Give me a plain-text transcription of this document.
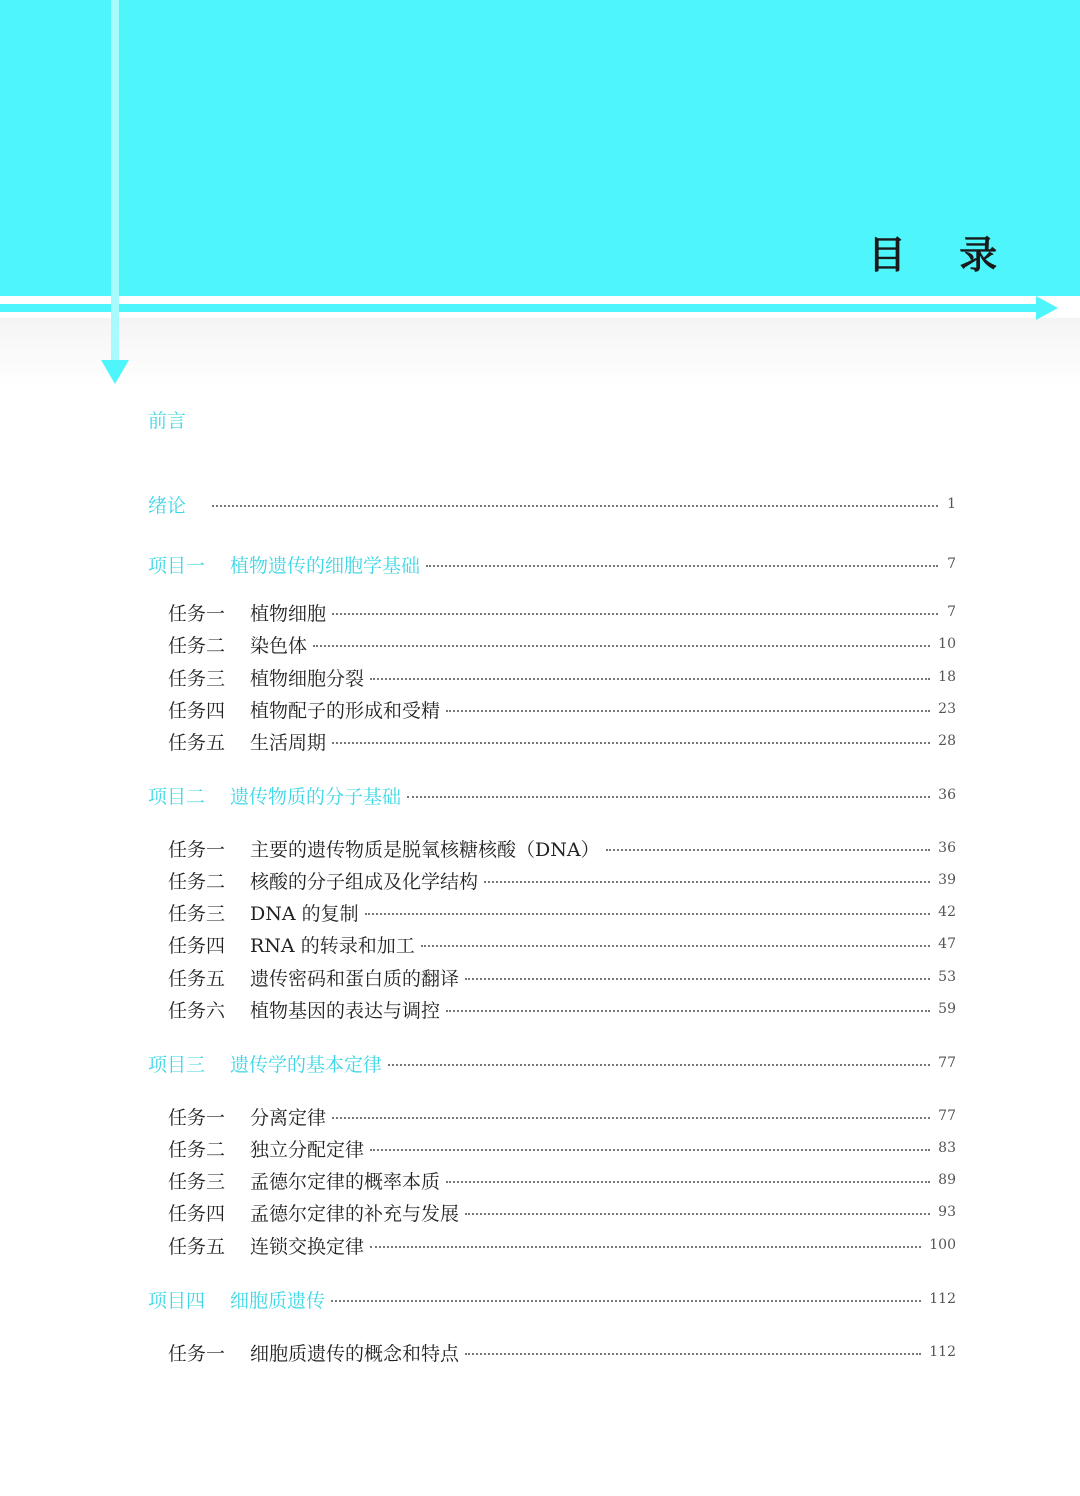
目 录
前言
绪论	1
项目一	植物遗传的细胞学基础	7
任务一	植物细胞	7
任务二	染色体	10
任务三	植物细胞分裂	18
任务四	植物配子的形成和受精	23
任务五	生活周期	28
项目二	遗传物质的分子基础	36
任务一	主要的遗传物质是脱氧核糖核酸（DNA）	36
任务二	核酸的分子组成及化学结构	39
任务三	DNA 的复制	42
任务四	RNA 的转录和加工	47
任务五	遗传密码和蛋白质的翻译	53
任务六	植物基因的表达与调控	59
项目三	遗传学的基本定律	77
任务一	分离定律	77
任务二	独立分配定律	83
任务三	孟德尔定律的概率本质	89
任务四	孟德尔定律的补充与发展	93
任务五	连锁交换定律	100
项目四	细胞质遗传	112
任务一	细胞质遗传的概念和特点	112
